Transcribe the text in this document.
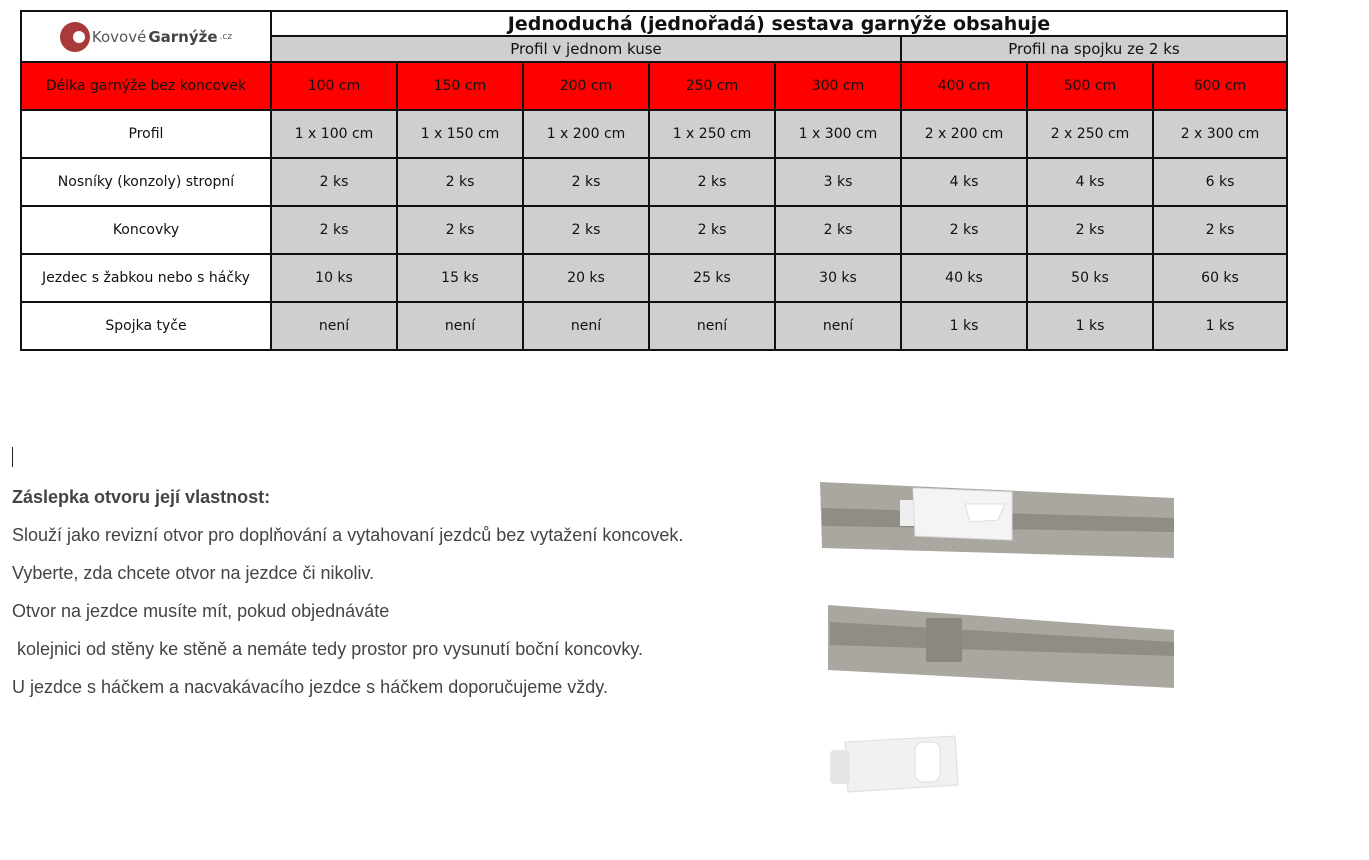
Kovové Garnýže .cz	Jednoduchá (jednořadá) sestava garnýže obsahuje							
	Profil v jednom kuse					Profil na spojku ze 2 ks		
Délka garnýže bez koncovek	100 cm	150 cm	200 cm	250 cm	300 cm	400 cm	500 cm	600 cm
Profil	1 x 100 cm	1 x 150 cm	1 x 200 cm	1 x 250 cm	1 x 300 cm	2 x 200 cm	2 x 250 cm	2 x 300 cm
Nosníky (konzoly) stropní	2 ks	2 ks	2 ks	2 ks	3 ks	4 ks	4 ks	6 ks
Koncovky	2 ks	2 ks	2 ks	2 ks	2 ks	2 ks	2 ks	2 ks
Jezdec s žabkou nebo s háčky	10 ks	15 ks	20 ks	25 ks	30 ks	40 ks	50 ks	60 ks
Spojka tyče	není	není	není	není	není	1 ks	1 ks	1 ks
Záslepka otvoru její vlastnost:
Slouží jako revizní otvor pro doplňování a vytahovaní jezdců bez vytažení koncovek.
Vyberte, zda chcete otvor na jezdce či nikoliv.
Otvor na jezdce musíte mít, pokud objednáváte
kolejnici od stěny ke stěně a nemáte tedy prostor pro vysunutí boční koncovky.
U jezdce s háčkem a nacvakávacího jezdce s háčkem doporučujeme vždy.
